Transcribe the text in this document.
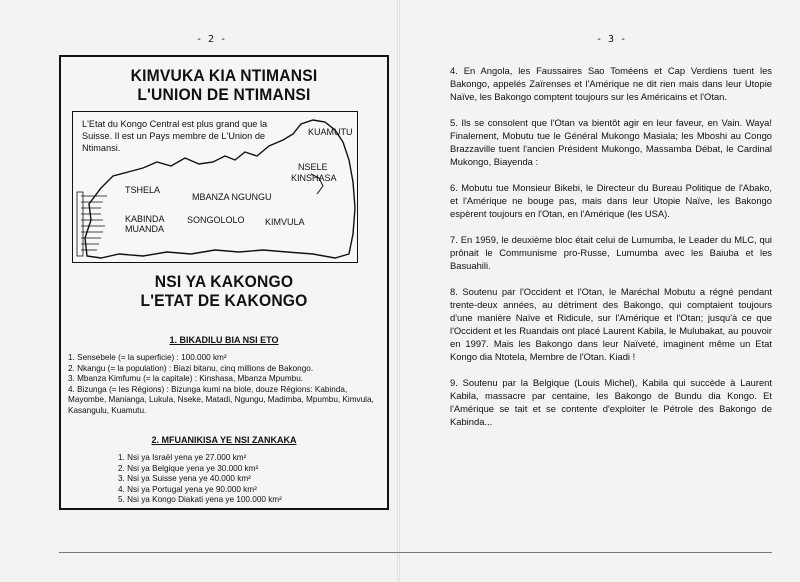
- 2 -	- 3 -
KIMVUKA KIA NTIMANSI
L'UNION DE NTIMANSI
L'Etat du Kongo Central est plus grand que la Suisse. Il est un Pays membre de L'Union de Ntimansi.
KUAMUTU
NSELE
KINSHASA
TSHELA
MBANZA NGUNGU
KABINDA
MUANDA
SONGOLOLO KIMVULA
NSI YA KAKONGO
L'ETAT DE KAKONGO
1. BIKADILU BIA NSI ETO
1. Sensebele (= la superficie) : 100.000 km²
2. Nkangu (= la population) : Biazi bitanu, cinq millions de Bakongo.
3. Mbanza Kimfumu (= la capitale) : Kinshasa, Mbanza Mpumbu.
4. Bizunga (= les Régions) : Bizunga kumi na biole, douze Régions: Kabinda, Mayombe, Manianga, Lukula, Nseke, Matadi, Ngungu, Madimba, Mpumbu, Kimvula, Kasangulu, Kuamutu.
2. MFUANIKISA YE NSI ZANKAKA
1. Nsi ya Israël yena ye 27.000 km²
2. Nsi ya Belgique yena ye 30.000 km²
3. Nsi ya Suisse yena ye 40.000 km²
4. Nsi ya Portugal yena ye 90.000 km²
5. Nsi ya Kongo Diakati yena ye 100.000 km²

4. En Angola, les Faussaires Sao Toméens et Cap Verdiens tuent les Bakongo, appelés Zaïrenses et l'Amérique ne dit rien mais dans leur Utopie Naïve, les Bakongo comptent toujours sur les Américains et l'Otan.

5. Ils se consolent que l'Otan va bientôt agir en leur faveur, en Vain. Waya! Finalement, Mobutu tue le Général Mukongo Masiala; les Mboshi au Congo Brazzaville tuent l'ancien Président Mukongo, Massamba Débat, le Cardinal Mukongo, Biayenda :

6. Mobutu tue Monsieur Bikebi, le Directeur du Bureau Politique de l'Abako, et l'Amérique ne bouge pas, mais dans leur Utopie Naïve, les Bakongo espèrent toujours en l'Otan, en l'Amérique (les USA).

7. En 1959, le deuxième bloc était celui de Lumumba, le Leader du MLC, qui prônait le Communisme pro-Russe, Lumumba avec les Baiuba et les Basuahili.

8. Soutenu par l'Occident et l'Otan, le Maréchal Mobutu a régné pendant trente-deux années, au détriment des Bakongo, qui comptaient toujours d'une manière Naïve et Ridicule, sur l'Amérique et l'Otan; jusqu'à ce que l'Occident et les Ruandais ont placé Laurent Kabila, le Mulubakat, au pouvoir en 1997. Mais les Bakongo dans leur Naïveté, imaginent même un Etat Kongo dia Ntotela, Membre de l'Otan. Kiadi !

9. Soutenu par la Belgique (Louis Michel), Kabila qui succède à Laurent Kabila, massacre par centaine, les Bakongo de Bundu dia Kongo. Et l'Amérique se tait et se contente d'exploiter le Pétrole des Bakongo de Kabinda...
